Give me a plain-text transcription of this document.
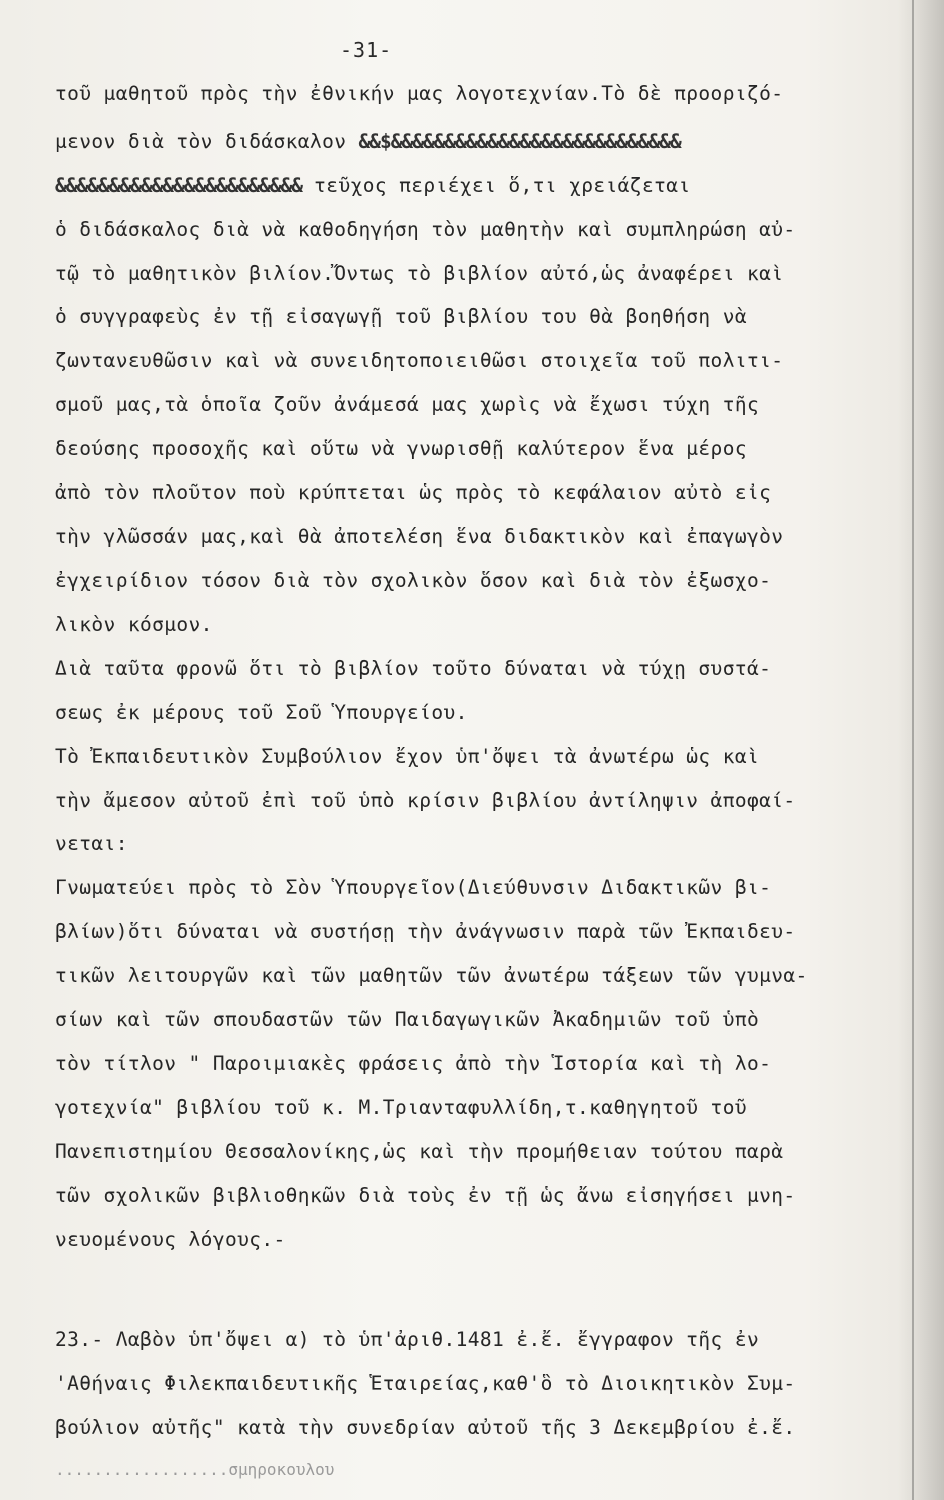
-31-
τοῦ μαθητοῦ πρὸς τὴν ἐθνικήν μας λογοτεχνίαν.Τὸ δὲ προοριζό-
μενον διὰ τὸν διδάσκαλον &&$&&&&&&&&&&&&&&&&&&&&&&&&&&&
&&&&&&&&&&&&&&&&&&&&&&& τεῦχος περιέχει ὅ,τι χρειάζεται
ὁ διδάσκαλος διὰ νὰ καθοδηγήση τὸν μαθητὴν καὶ συμπληρώση αὐ-
τῷ τὸ μαθητικὸν βιλίον.Ὄντως τὸ βιβλίον αὐτό,ὡς ἀναφέρει καὶ
ὁ συγγραφεὺς ἐν τῇ εἰσαγωγῇ τοῦ βιβλίου του θὰ βοηθήση νὰ
ζωντανευθῶσιν καὶ νὰ συνειδητοποιειθῶσι στοιχεῖα τοῦ πολιτι-
σμοῦ μας,τὰ ὁποῖα ζοῦν ἀνάμεσά μας χωρὶς νὰ ἔχωσι τύχη τῆς
δεούσης προσοχῆς καὶ οὕτω νὰ γνωρισθῇ καλύτερον ἕνα μέρος
ἀπὸ τὸν πλοῦτον ποὺ κρύπτεται ὡς πρὸς τὸ κεφάλαιον αὐτὸ εἰς
τὴν γλῶσσάν μας,καὶ θὰ ἀποτελέση ἕνα διδακτικὸν καὶ ἐπαγωγὸν
ἐγχειρίδιον τόσον διὰ τὸν σχολικὸν ὅσον καὶ διὰ τὸν ἐξωσχο-
λικὸν κόσμον.
Διὰ ταῦτα φρονῶ ὅτι τὸ βιβλίον τοῦτο δύναται νὰ τύχῃ συστά-
σεως ἐκ μέρους τοῦ Σοῦ Ὑπουργείου.
Τὸ Ἐκπαιδευτικὸν Συμβούλιον ἔχον ὑπ'ὄψει τὰ ἀνωτέρω ὡς καὶ
τὴν ἄμεσον αὐτοῦ ἐπὶ τοῦ ὑπὸ κρίσιν βιβλίου ἀντίληψιν ἀποφαί-
νεται:
Γνωματεύει πρὸς τὸ Σὸν Ὑπουργεῖον(Διεύθυνσιν Διδακτικῶν βι-
βλίων)ὅτι δύναται νὰ συστήσῃ τὴν ἀνάγνωσιν παρὰ τῶν Ἐκπαιδευ-
τικῶν λειτουργῶν καὶ τῶν μαθητῶν τῶν ἀνωτέρω τάξεων τῶν γυμνα-
σίων καὶ τῶν σπουδαστῶν τῶν Παιδαγωγικῶν Ἀκαδημιῶν τοῦ ὑπὸ
τὸν τίτλον " Παροιμιακὲς φράσεις ἀπὸ τὴν Ἱστορία καὶ τὴ λο-
γοτεχνία" βιβλίου τοῦ κ. Μ.Τριανταφυλλίδη,τ.καθηγητοῦ τοῦ
Πανεπιστημίου Θεσσαλονίκης,ὡς καὶ τὴν προμήθειαν τούτου παρὰ
τῶν σχολικῶν βιβλιοθηκῶν διὰ τοὺς ἐν τῇ ὡς ἄνω εἰσηγήσει μνη-
νευομένους λόγους.-
23.- Λαβὸν ὑπ'ὄψει α) τὸ ὑπ'ἀριθ.1481 ἐ.ἔ. ἔγγραφον τῆς ἐν
'Αθήναις Φιλεκπαιδευτικῆς Ἑταιρείας,καθ'ὃ τὸ Διοικητικὸν Συμ-
βούλιον αὐτῆς" κατὰ τὴν συνεδρίαν αὐτοῦ τῆς 3 Δεκεμβρίου ἐ.ἔ.
..................σμηροκουλου
